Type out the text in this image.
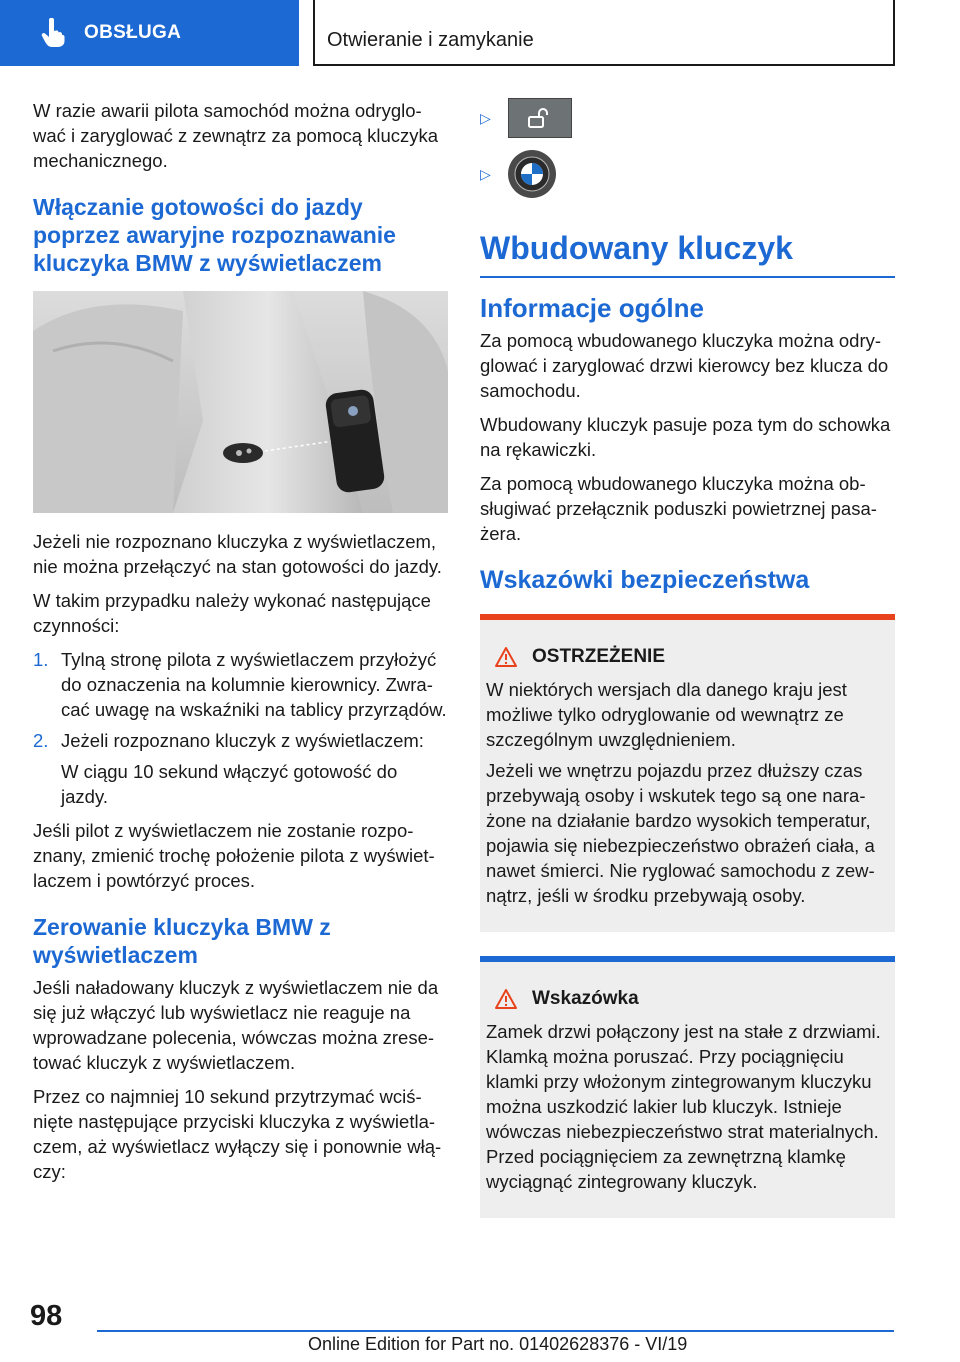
OBSŁUGA	Otwieranie i zamykanie

W razie awarii pilota samochód można odryglować i zaryglować z zewnątrz za pomocą kluczyka mechanicznego.

Włączanie gotowości do jazdy poprzez awaryjne rozpoznawanie kluczyka BMW z wyświetlaczem

Jeżeli nie rozpoznano kluczyka z wyświetlaczem, nie można przełączyć na stan gotowości do jazdy.

W takim przypadku należy wykonać następujące czynności:

1. Tylną stronę pilota z wyświetlaczem przyłożyć do oznaczenia na kolumnie kierownicy. Zwracać uwagę na wskaźniki na tablicy przyrządów.
2. Jeżeli rozpoznano kluczyk z wyświetlaczem:

W ciągu 10 sekund włączyć gotowość do jazdy.

Jeśli pilot z wyświetlaczem nie zostanie rozpoznany, zmienić trochę położenie pilota z wyświetlaczem i powtórzyć proces.

Zerowanie kluczyka BMW z wyświetlaczem

Jeśli naładowany kluczyk z wyświetlaczem nie da się już włączyć lub wyświetlacz nie reaguje na wprowadzane polecenia, wówczas można zresetować kluczyk z wyświetlaczem.

Przez co najmniej 10 sekund przytrzymać wciśnięte następujące przyciski kluczyka z wyświetlaczem, aż wyświetlacz wyłączy się i ponownie włączy:

▷
▷
Wbudowany kluczyk
Informacje ogólne

Za pomocą wbudowanego kluczyka można odryglować i zaryglować drzwi kierowcy bez klucza do samochodu.

Wbudowany kluczyk pasuje poza tym do schowka na rękawiczki.

Za pomocą wbudowanego kluczyka można obsługiwać przełącznik poduszki powietrznej pasażera.

Wskazówki bezpieczeństwa
OSTRZEŻENIE

W niektórych wersjach dla danego kraju jest możliwe tylko odryglowanie od wewnątrz ze szczególnym uwzględnieniem.

Jeżeli we wnętrzu pojazdu przez dłuższy czas przebywają osoby i wskutek tego są one narażone na działanie bardzo wysokich temperatur, pojawia się niebezpieczeństwo obrażeń ciała, a nawet śmierci. Nie ryglować samochodu z zewnątrz, jeśli w środku przebywają osoby.

Wskazówka

Zamek drzwi połączony jest na stałe z drzwiami. Klamką można poruszać. Przy pociągnięciu klamki przy włożonym zintegrowanym kluczyku można uszkodzić lakier lub kluczyk. Istnieje wówczas niebezpieczeństwo strat materialnych. Przed pociągnięciem za zewnętrzną klamkę wyciągnąć zintegrowany kluczyk.

98
Online Edition for Part no. 01402628376 - VI/19
